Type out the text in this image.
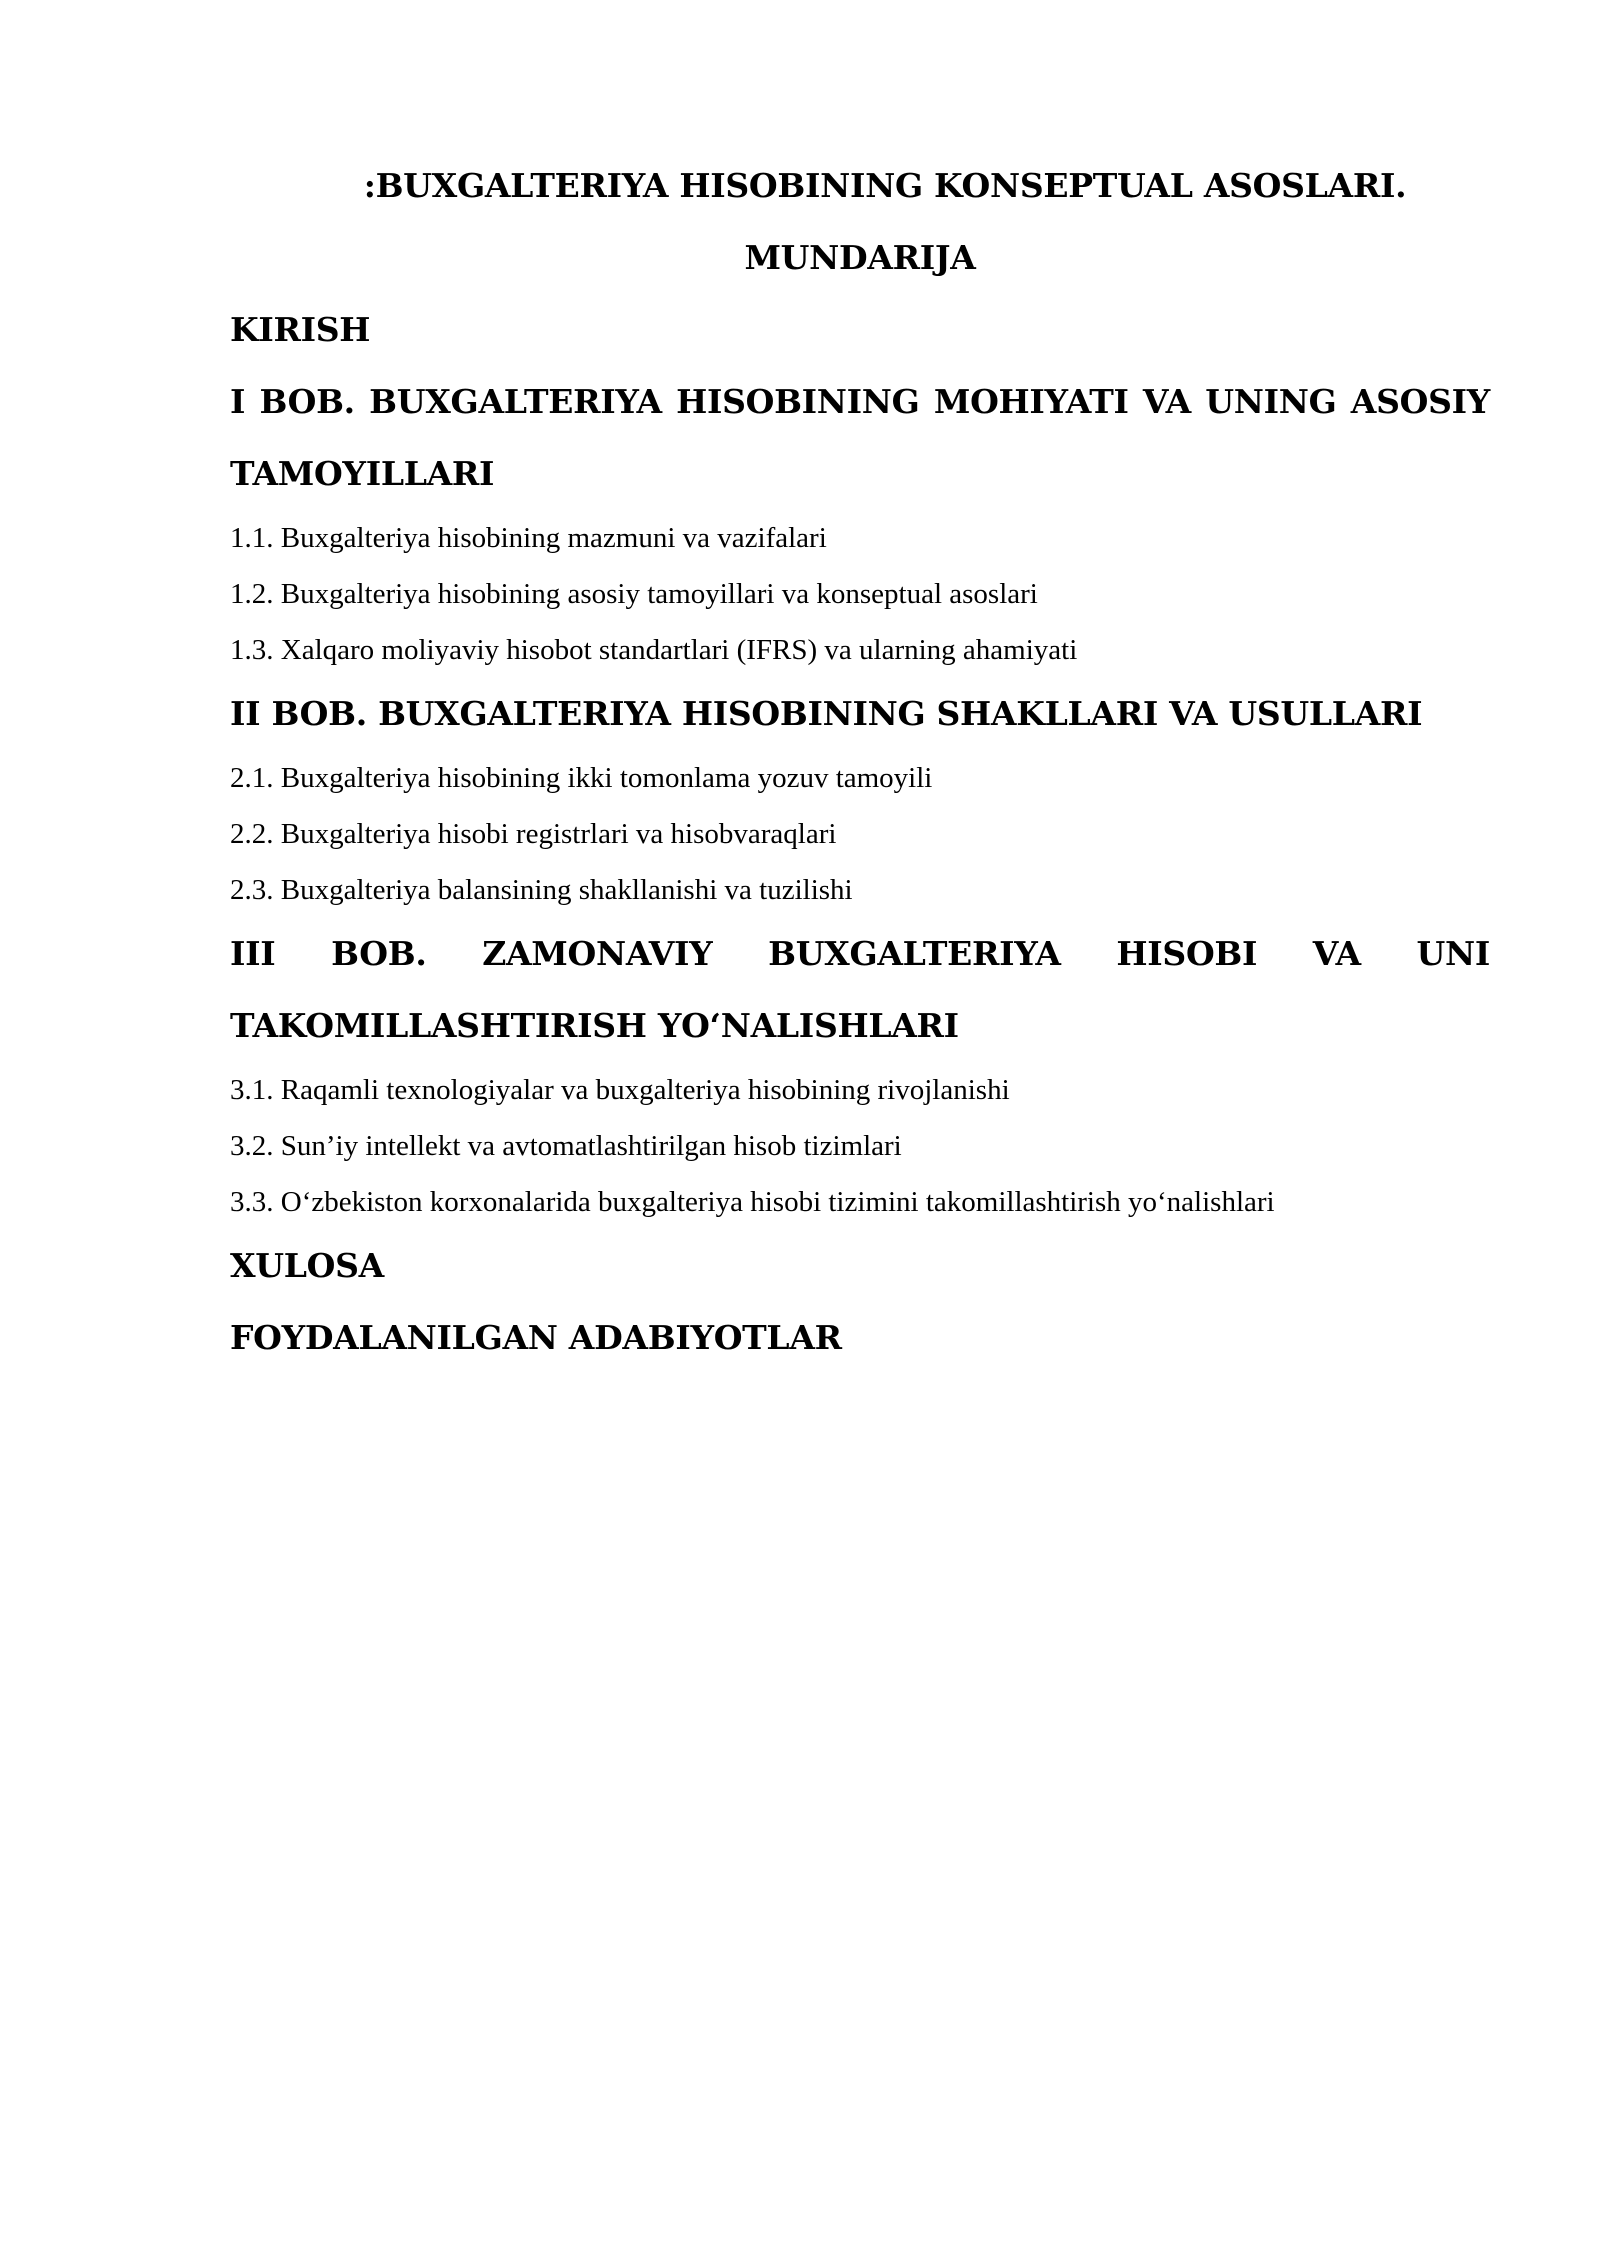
:BUXGALTERIYA HISOBINING KONSEPTUAL ASOSLARI.

MUNDARIJA

KIRISH

I BOB. BUXGALTERIYA HISOBINING MOHIYATI VA UNING ASOSIY TAMOYILLARI

1.1. Buxgalteriya hisobining mazmuni va vazifalari

1.2. Buxgalteriya hisobining asosiy tamoyillari va konseptual asoslari

1.3. Xalqaro moliyaviy hisobot standartlari (IFRS) va ularning ahamiyati

II BOB. BUXGALTERIYA HISOBINING SHAKLLARI VA USULLARI

2.1. Buxgalteriya hisobining ikki tomonlama yozuv tamoyili

2.2. Buxgalteriya hisobi registrlari va hisobvaraqlari

2.3. Buxgalteriya balansining shakllanishi va tuzilishi

III BOB. ZAMONAVIY BUXGALTERIYA HISOBI VA UNI
TAKOMILLASHTIRISH YO‘NALISHLARI

3.1. Raqamli texnologiyalar va buxgalteriya hisobining rivojlanishi

3.2. Sun’iy intellekt va avtomatlashtirilgan hisob tizimlari

3.3. O‘zbekiston korxonalarida buxgalteriya hisobi tizimini takomillashtirish yo‘nalishlari

XULOSA

FOYDALANILGAN ADABIYOTLAR
